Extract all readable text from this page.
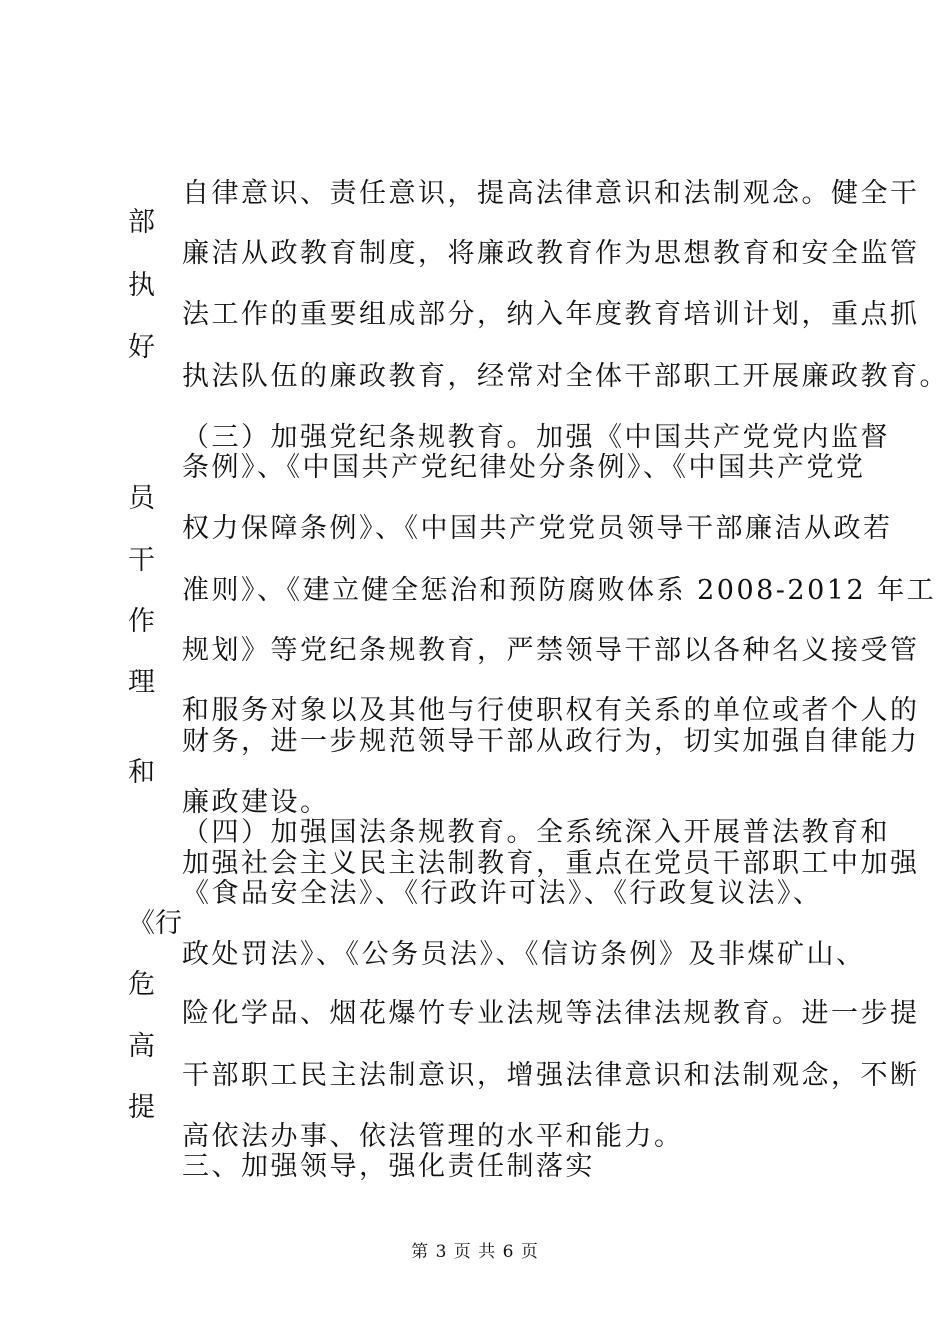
自律意识、责任意识，提高法律意识和法制观念。健全干
部
廉洁从政教育制度，将廉政教育作为思想教育和安全监管
执
法工作的重要组成部分，纳入年度教育培训计划，重点抓
好
执法队伍的廉政教育，经常对全体干部职工开展廉政教育。
（三）加强党纪条规教育。加强《中国共产党党内监督
条例》、《中国共产党纪律处分条例》、《中国共产党党
员
权力保障条例》、《中国共产党党员领导干部廉洁从政若
干
准则》、《建立健全惩治和预防腐败体系 2008-2012 年工
作
规划》等党纪条规教育，严禁领导干部以各种名义接受管
理
和服务对象以及其他与行使职权有关系的单位或者个人的
财务，进一步规范领导干部从政行为，切实加强自律能力
和
廉政建设。
（四）加强国法条规教育。全系统深入开展普法教育和
加强社会主义民主法制教育，重点在党员干部职工中加强
《食品安全法》、《行政许可法》、《行政复议法》、
《行
政处罚法》、《公务员法》、《信访条例》及非煤矿山、
危
险化学品、烟花爆竹专业法规等法律法规教育。进一步提
高
干部职工民主法制意识，增强法律意识和法制观念，不断
提
高依法办事、依法管理的水平和能力。
三、加强领导，强化责任制落实
第 3 页 共 6 页
